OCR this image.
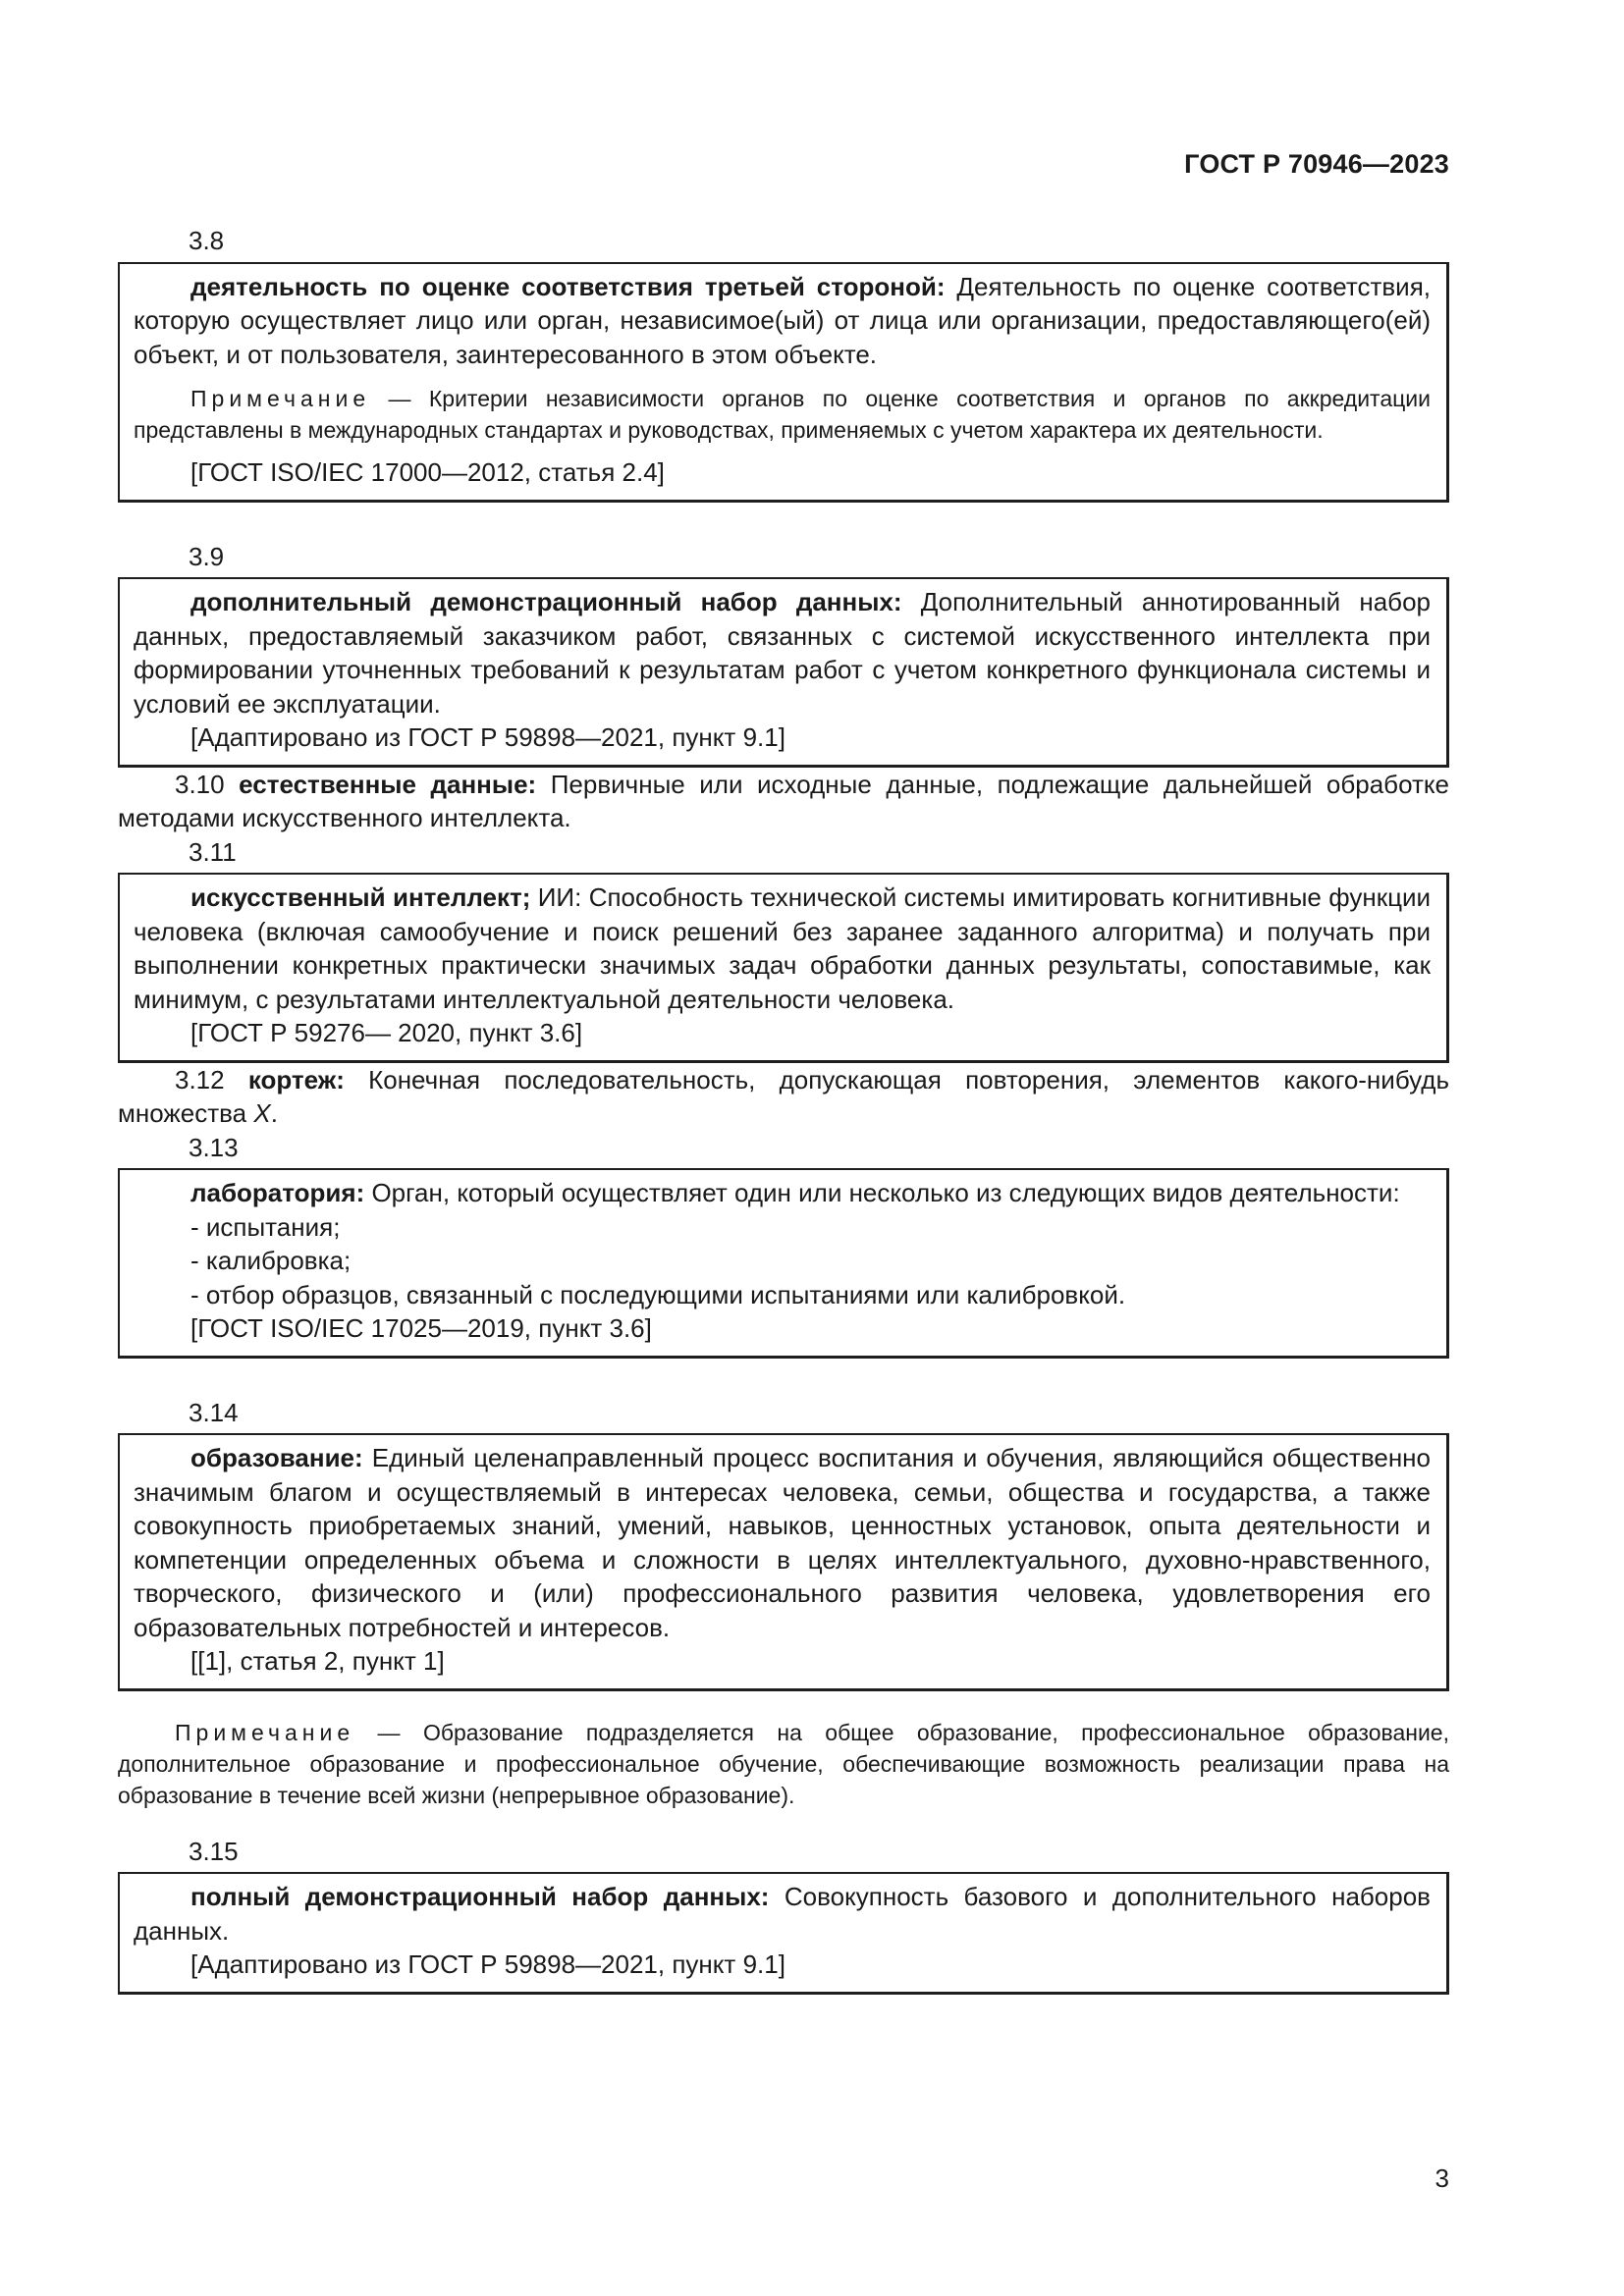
ГОСТ Р 70946—2023
3.8

деятельность по оценке соответствия третьей стороной: Деятельность по оценке соответствия, которую осуществляет лицо или орган, независимое(ый) от лица или организации, предоставляющего(ей) объект, и от пользователя, заинтересованного в этом объекте.

Примечание — Критерии независимости органов по оценке соответствия и органов по аккредитации представлены в международных стандартах и руководствах, применяемых с учетом характера их деятельности.

[ГОСТ ISO/IEC 17000—2012, статья 2.4]

3.9

дополнительный демонстрационный набор данных: Дополнительный аннотированный набор данных, предоставляемый заказчиком работ, связанных с системой искусственного интеллекта при формировании уточненных требований к результатам работ с учетом конкретного функционала системы и условий ее эксплуатации.

[Адаптировано из ГОСТ Р 59898—2021, пункт 9.1]

3.10 естественные данные: Первичные или исходные данные, подлежащие дальнейшей обработке методами искусственного интеллекта.

3.11

искусственный интеллект; ИИ: Способность технической системы имитировать когнитивные функции человека (включая самообучение и поиск решений без заранее заданного алгоритма) и получать при выполнении конкретных практически значимых задач обработки данных результаты, сопоставимые, как минимум, с результатами интеллектуальной деятельности человека.

[ГОСТ Р 59276— 2020, пункт 3.6]

3.12 кортеж: Конечная последовательность, допускающая повторения, элементов какого-нибудь множества X.

3.13

лаборатория: Орган, который осуществляет один или несколько из следующих видов деятельности:

- испытания;

- калибровка;

- отбор образцов, связанный с последующими испытаниями или калибровкой.

[ГОСТ ISO/IEC 17025—2019, пункт 3.6]

3.14

образование: Единый целенаправленный процесс воспитания и обучения, являющийся общественно значимым благом и осуществляемый в интересах человека, семьи, общества и государства, а также совокупность приобретаемых знаний, умений, навыков, ценностных установок, опыта деятельности и компетенции определенных объема и сложности в целях интеллектуального, духовно-нравственного, творческого, физического и (или) профессионального развития человека, удовлетворения его образовательных потребностей и интересов.

[[1], статья 2, пункт 1]

Примечание — Образование подразделяется на общее образование, профессиональное образование, дополнительное образование и профессиональное обучение, обеспечивающие возможность реализации права на образование в течение всей жизни (непрерывное образование).

3.15

полный демонстрационный набор данных: Совокупность базового и дополнительного наборов данных.

[Адаптировано из ГОСТ Р 59898—2021, пункт 9.1]

3
